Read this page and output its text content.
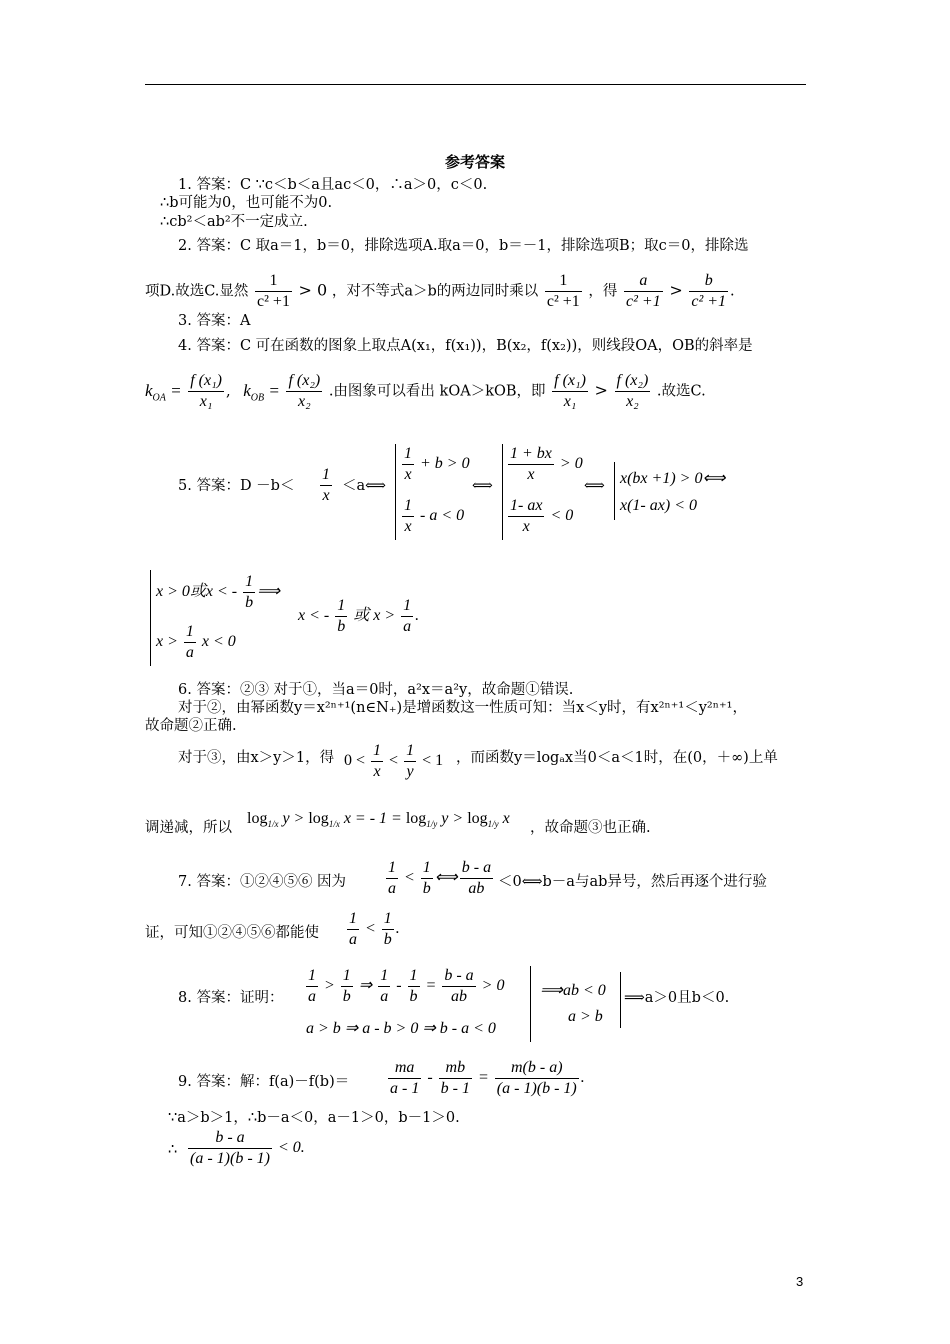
参考答案
1. 答案：C ∵c＜b＜a且ac＜0，∴a＞0，c＜0.
∴b可能为0，也可能不为0.
∴cb²＜ab²不一定成立.
2. 答案：C 取a＝1，b＝0，排除选项A.取a＝0，b＝－1，排除选项B；取c＝0，排除选
项D.故选C.显然 $\frac{1}{\text{c² +1}} > 0$ ，对不等式a＞b的两边同时乘以 $\frac{1}{\text{c² +1}}$ ，得 $\frac{a}{\text{c² +1}} > \frac{b}{\text{c² +1}}$ .
3. 答案：A
4. 答案：C 可在函数的图象上取点A(x₁，f(x₁))，B(x₂，f(x₂))，则线段OA，OB的斜率是
$k_{OA} = \frac{\text{f (x₁)}}{\text{x₁}}$ , $k_{OB} = \frac{\text{f (x₂)}}{\text{x₂}}$ .由图象可以看出 kOA＞kOB，即 $\frac{\text{f (x₁)}}{\text{x₁}} > \frac{\text{f (x₂)}}{\text{x₂}}$ .故选C.
5. 答案：$D -b< \frac{1}{x}$ ＜a⟺
$\frac{1}{x} + b > 0$
$\frac{1}{x} - a < 0$
⟺
$\frac{1 + bx}{x} > 0$
$\frac{1- ax}{x} < 0$
⟺ x(bx +1) > 0⟺
x(1- ax) < 0
x > 0或x < - $\frac{1}{b}$ ⟹
$x > \frac{1}{a}$ x < 0
x < - $\frac{1}{b}$ 或 $x > \frac{1}{a}$ .
6. 答案：②③ 对于①，当a＝0时，a²x＝a²y，故命题①错误.
对于②，由幂函数y＝x²ⁿ⁺¹(n∈N₊)是增函数这一性质可知：当x＜y时，有x²ⁿ⁺¹＜y²ⁿ⁺¹，
故命题②正确.
对于③，由x＞y＞1，得 $0 < \frac{1}{x} < \frac{1}{y} < 1$ ，而函数y＝logₐx当0＜a＜1时，在(0，＋∞)上单
调递减，所以
$\log_{1/x} y > \log_{1/x} x$ = - $1 = \log_{1/y} y > \log_{1/y} x$
，故命题③也正确.
7. 答案：①②④⑤⑥ 因为 $\frac{1}{a} < \frac{1}{b}$ ⟺ $\frac{b - a}{ab}$ ＜0⟺b－a与ab异号，然后再逐个进行验
证，可知①②④⑤⑥都能使 $\frac{1}{a} < \frac{1}{b}$ .
8. 答案：证明： $\frac{1}{a} > \frac{1}{b}$ ⇒ $\frac{1}{a} - \frac{1}{b} = \frac{b - a}{ab} > 0$
a > b ⇒ a - b > 0 ⇒ b - a < 0
⟹ab < 0
a > b
⟹a＞0且b＜0.
9. 答案：解：$f(a)-f(b)= \frac{ma}{a - 1} - \frac{mb}{b - 1} = \frac{m(b - a)}{(a - 1)(b - 1)}$ .
∵a＞b＞1，∴b－a＜0，a－1＞0，b－1＞0.
∴ $\frac{b - a}{(a - 1)(b - 1)} < 0$.
3
